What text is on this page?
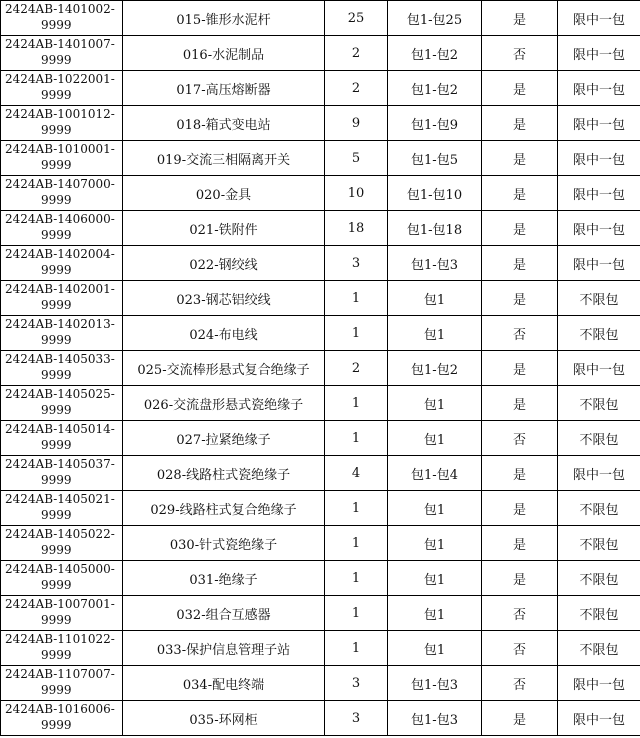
2424AB-1401002-
9999	015-锥形水泥杆	25	包1-包25	是	限中一包

2424AB-1401007-
9999	016-水泥制品	2	包1-包2	否	限中一包

2424AB-1022001-
9999	017-高压熔断器	2	包1-包2	是	限中一包

2424AB-1001012-
9999	018-箱式变电站	9	包1-包9	是	限中一包

2424AB-1010001-
9999	019-交流三相隔离开关	5	包1-包5	是	限中一包

2424AB-1407000-
9999	020-金具	10	包1-包10	是	限中一包

2424AB-1406000-
9999	021-铁附件	18	包1-包18	是	限中一包

2424AB-1402004-
9999	022-钢绞线	3	包1-包3	是	限中一包

2424AB-1402001-
9999	023-钢芯铝绞线	1	包1	是	不限包

2424AB-1402013-
9999	024-布电线	1	包1	否	不限包

2424AB-1405033-
9999	025-交流棒形悬式复合绝缘子	2	包1-包2	是	限中一包

2424AB-1405025-
9999	026-交流盘形悬式瓷绝缘子	1	包1	是	不限包

2424AB-1405014-
9999	027-拉紧绝缘子	1	包1	否	不限包

2424AB-1405037-
9999	028-线路柱式瓷绝缘子	4	包1-包4	是	限中一包

2424AB-1405021-
9999	029-线路柱式复合绝缘子	1	包1	是	不限包

2424AB-1405022-
9999	030-针式瓷绝缘子	1	包1	是	不限包

2424AB-1405000-
9999	031-绝缘子	1	包1	是	不限包

2424AB-1007001-
9999	032-组合互感器	1	包1	否	不限包

2424AB-1101022-
9999	033-保护信息管理子站	1	包1	否	不限包

2424AB-1107007-
9999	034-配电终端	3	包1-包3	否	限中一包

2424AB-1016006-
9999	035-环网柜	3	包1-包3	是	限中一包
